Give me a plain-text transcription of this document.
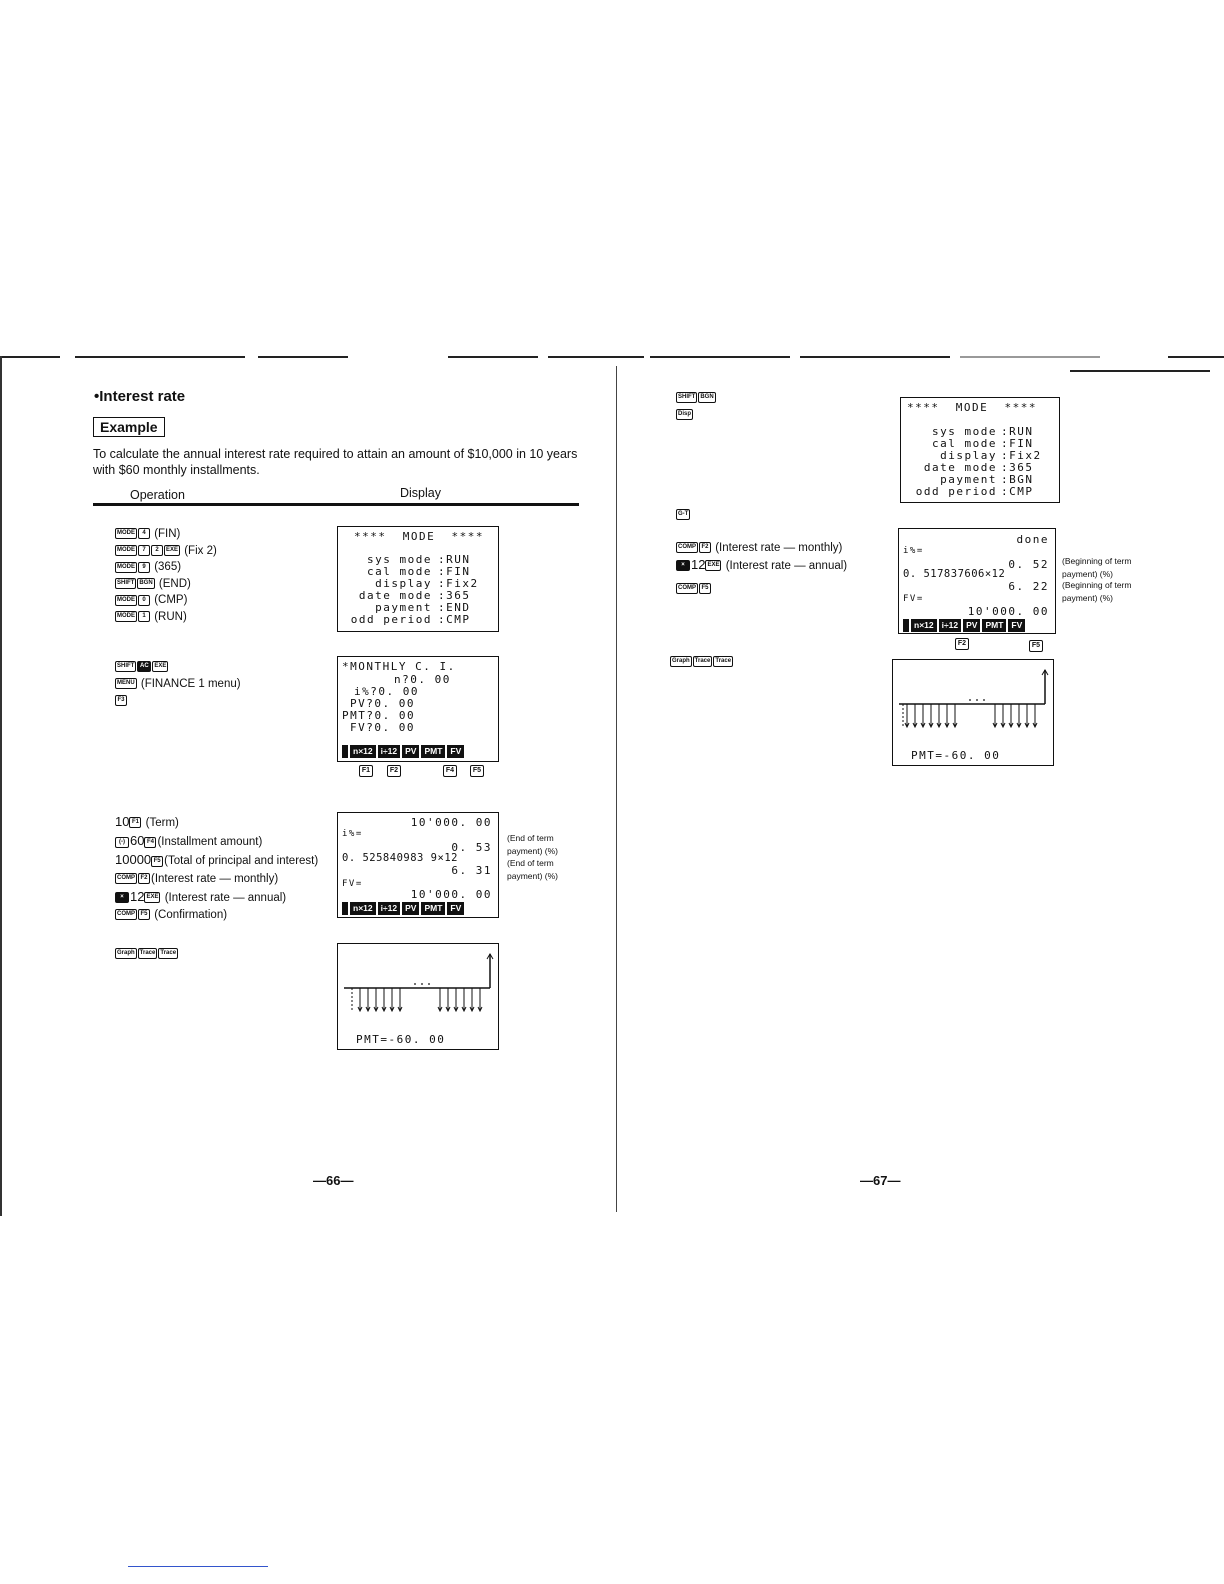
•Interest rate
Example
To calculate the annual interest rate required to attain an amount of $10,000 in 10 years with $60 monthly installments.
Operation	Display
MODE 4 (FIN)
MODE 7 2 EXE (Fix 2)
MODE 9 (365)
SHIFT BGN (END)
MODE 0 (CMP)
MODE 1 (RUN)
****  MODE  ****
sys mode :RUN
cal mode :FIN
display :Fix2
date mode :365
payment :END
odd period :CMP
SHIFT AC EXE
MENU (FINANCE 1 menu)
F3
*MONTHLY C. I.
n?0. 00
i%?0. 00
PV?0. 00
PMT?0. 00
FV?0. 00
n×12 i÷12 PV PMT FV
F1	F2	F4	F5
10 F1 (Term)
(-) 60 F4 (Installment amount)
10000 F5 (Total of principal and interest)
COMP F2 (Interest rate — monthly)
× 12 EXE (Interest rate — annual)
COMP F5 (Confirmation)
10'000. 00
i%=
0. 53
0. 525840983 9×12
6. 31
FV=
10'000. 00
n×12 i÷12 PV PMT FV
(End of term payment) (%)
(End of term payment) (%)
Graph Trace Trace
PMT=-60. 00
—66—
SHIFT BGN
Disp
****  MODE  ****
sys mode :RUN
cal mode :FIN
display :Fix2
date mode :365
payment :BGN
odd period :CMP
G-T
COMP F2 (Interest rate — monthly)
× 12 EXE (Interest rate — annual)
COMP F5
done
i%=
0. 52
0. 517837606×12
6. 22
FV=
10'000. 00
n×12 i÷12 PV PMT FV
F2	F5
(Beginning of term payment) (%)
(Beginning of term payment) (%)
Graph Trace Trace
PMT=-60. 00
—67—
